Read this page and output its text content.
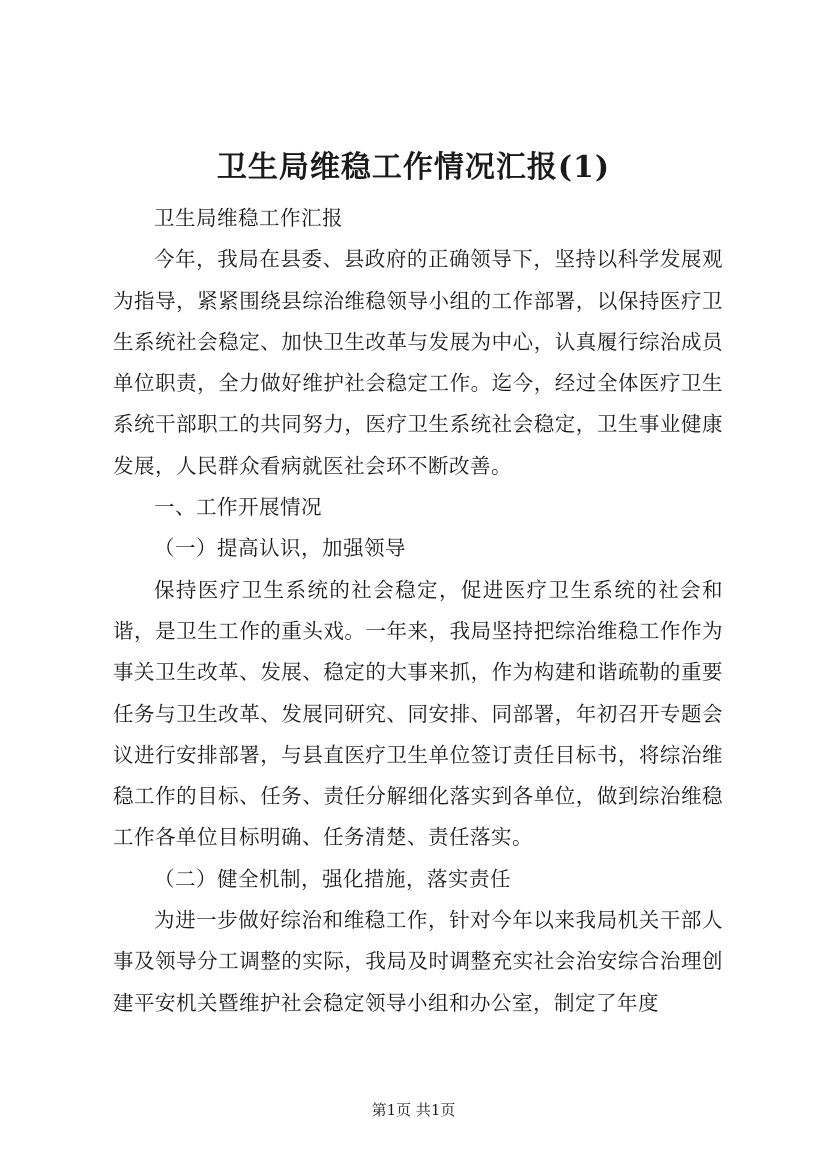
卫生局维稳工作情况汇报(1)

卫生局维稳工作汇报

今年，我局在县委、县政府的正确领导下，坚持以科学发展观为指导，紧紧围绕县综治维稳领导小组的工作部署，以保持医疗卫生系统社会稳定、加快卫生改革与发展为中心，认真履行综治成员单位职责，全力做好维护社会稳定工作。迄今，经过全体医疗卫生系统干部职工的共同努力，医疗卫生系统社会稳定，卫生事业健康发展，人民群众看病就医社会环不断改善。

一、工作开展情况

（一）提高认识，加强领导

保持医疗卫生系统的社会稳定，促进医疗卫生系统的社会和谐，是卫生工作的重头戏。一年来，我局坚持把综治维稳工作作为事关卫生改革、发展、稳定的大事来抓，作为构建和谐疏勒的重要任务与卫生改革、发展同研究、同安排、同部署，年初召开专题会议进行安排部署，与县直医疗卫生单位签订责任目标书，将综治维稳工作的目标、任务、责任分解细化落实到各单位，做到综治维稳工作各单位目标明确、任务清楚、责任落实。

（二）健全机制，强化措施，落实责任

为进一步做好综治和维稳工作，针对今年以来我局机关干部人事及领导分工调整的实际，我局及时调整充实社会治安综合治理创建平安机关暨维护社会稳定领导小组和办公室，制定了年度

第1页 共1页
